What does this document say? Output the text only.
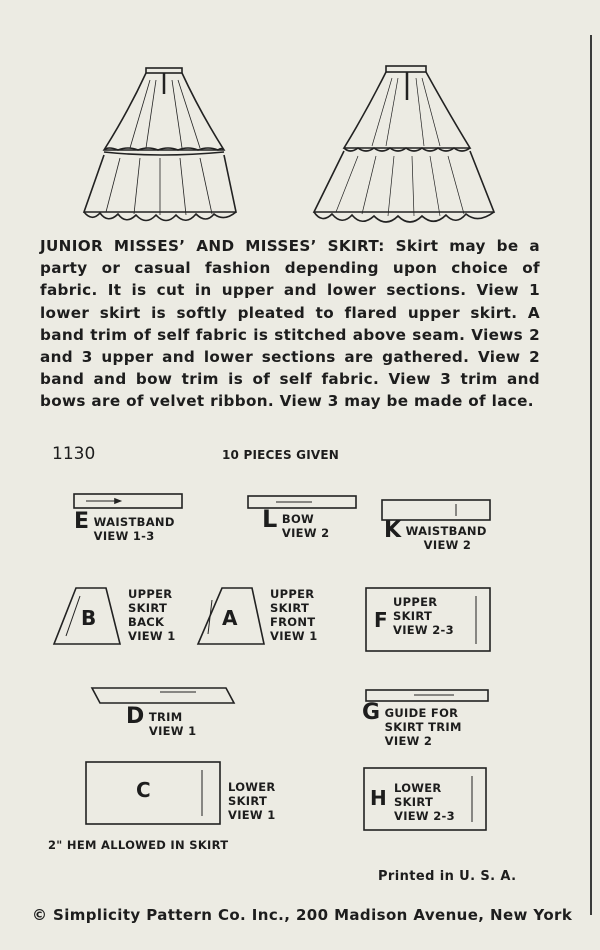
JUNIOR MISSES’ AND MISSES’ SKIRT: Skirt may be a party or casual fashion depending upon choice of fabric. It is cut in upper and lower sections. View 1 lower skirt is softly pleated to flared upper skirt. A band trim of self fabric is stitched above seam. Views 2 and 3 upper and lower sections are gathered. View 2 band and bow trim is of self fabric. View 3 trim and bows are of velvet ribbon. View 3 may be made of lace.

1130	10 PIECES GIVEN
E WAISTBAND
VIEW 1-3
L BOW
VIEW 2 K WAISTBAND
VIEW 2
B
UPPER
SKIRT
BACK
VIEW 1
A
UPPER
SKIRT
FRONT
VIEW 1
F
UPPER
SKIRT
VIEW 2-3
D TRIM
VIEW 1
G GUIDE FOR
SKIRT TRIM
VIEW 2
C	LOWER
SKIRT
VIEW 1
H LOWER
SKIRT
VIEW 2-3
2" HEM ALLOWED IN SKIRT
Printed in U. S. A.
© Simplicity Pattern Co. Inc., 200 Madison Avenue, New York
